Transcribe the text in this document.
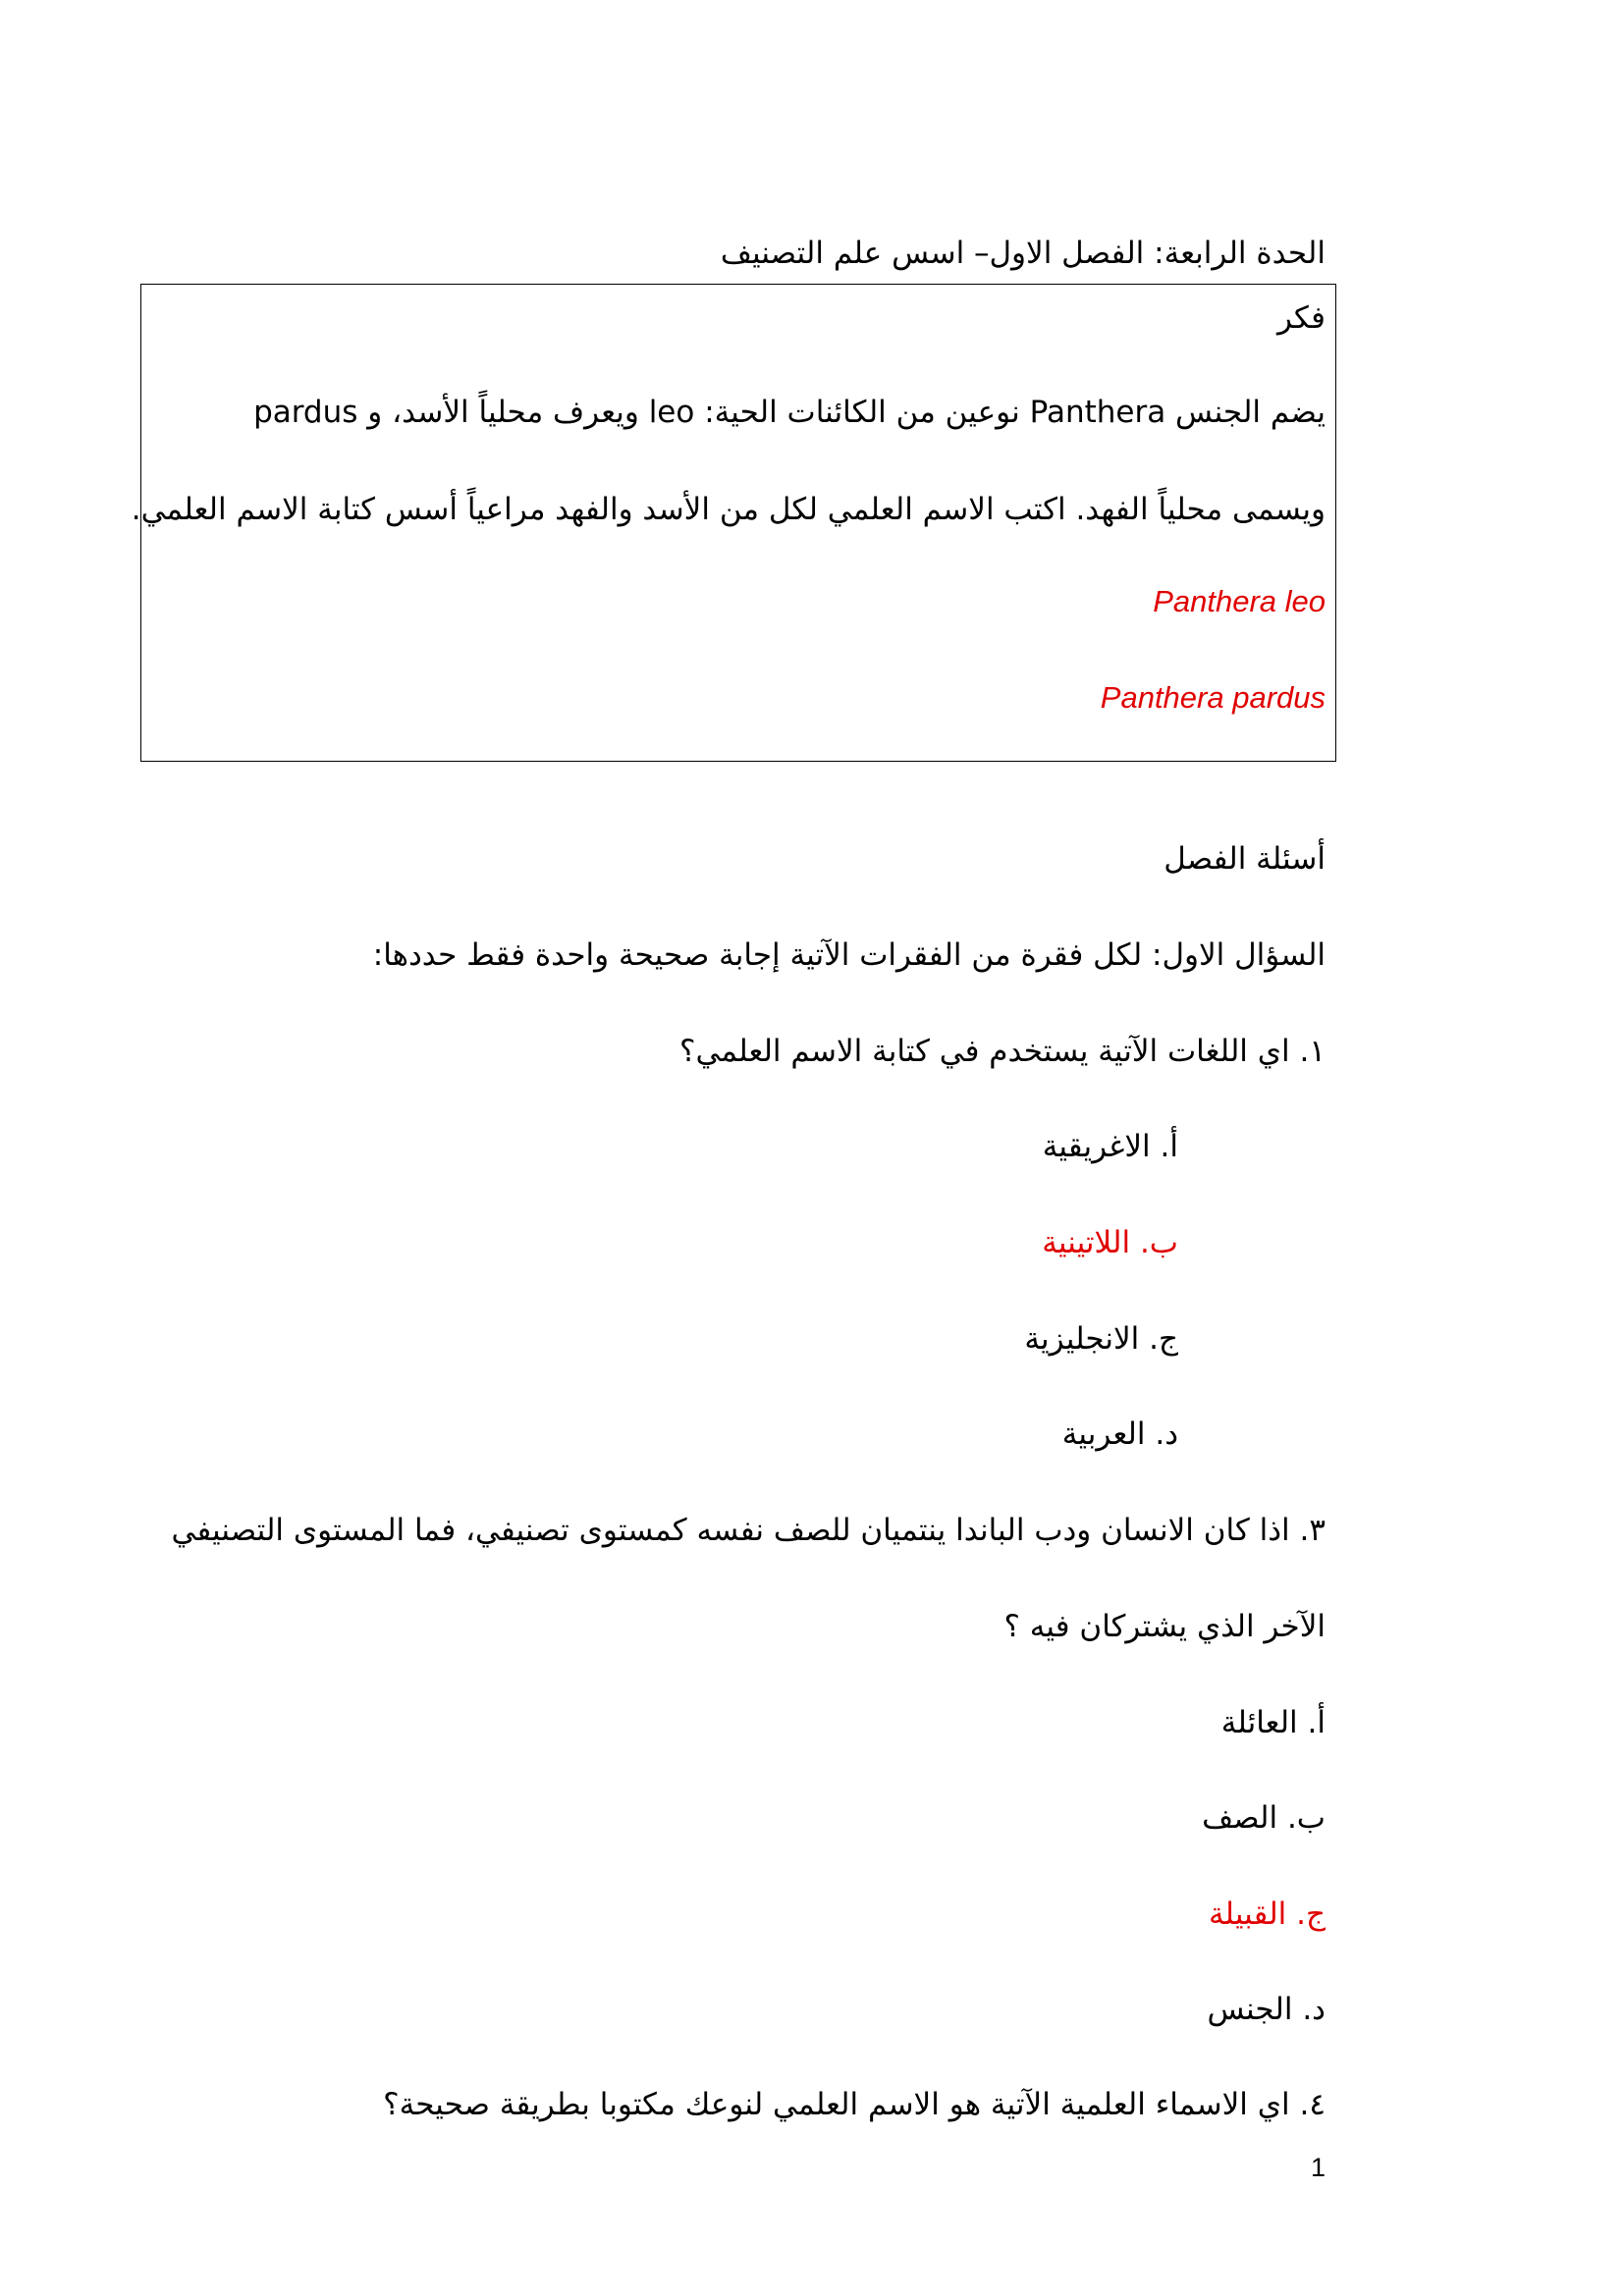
الحدة الرابعة: الفصل الاول– اسس علم التصنيف
فكر
يضم الجنس Panthera نوعين من الكائنات الحية: leo ويعرف محلياً الأسد، و pardus
ويسمى محلياً الفهد. اكتب الاسم العلمي لكل من الأسد والفهد مراعياً أسس كتابة الاسم العلمي.
Panthera leo
Panthera pardus
أسئلة الفصل
السؤال الاول: لكل فقرة من الفقرات الآتية إجابة صحيحة واحدة فقط حددها:
١. اي اللغات الآتية يستخدم في كتابة الاسم العلمي؟
أ. الاغريقية
ب. اللاتينية
ج. الانجليزية
د. العربية
٣. اذا كان الانسان ودب الباندا ينتميان للصف نفسه كمستوى تصنيفي، فما المستوى التصنيفي
الآخر الذي يشتركان فيه ؟
أ. العائلة
ب. الصف
ج. القبيلة
د. الجنس
٤. اي الاسماء العلمية الآتية هو الاسم العلمي لنوعك مكتوبا بطريقة صحيحة؟
1
